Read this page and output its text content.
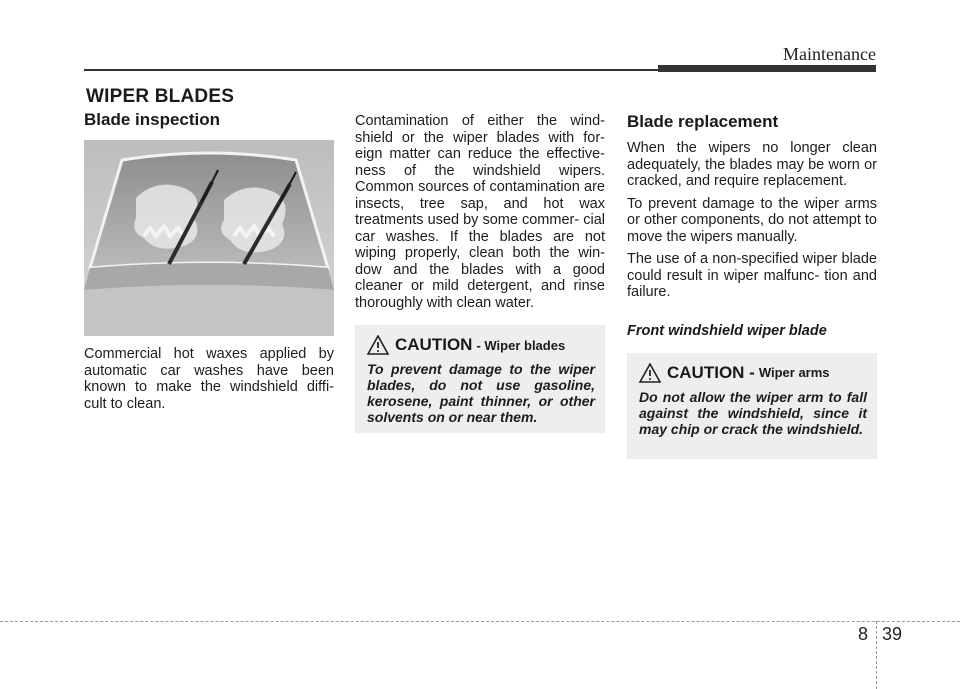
Maintenance
WIPER BLADES
Blade inspection

Commercial hot waxes applied by automatic car washes have been known to make the windshield diffi- cult to clean.

Contamination of either the wind- shield or the wiper blades with for- eign matter can reduce the effective- ness of the windshield wipers. Common sources of contamination are insects, tree sap, and hot wax treatments used by some commer- cial car washes. If the blades are not wiping properly, clean both the win- dow and the blades with a good cleaner or mild detergent, and rinse thoroughly with clean water.

CAUTION - Wiper blades

To prevent damage to the wiper blades, do not use gasoline, kerosene, paint thinner, or other solvents on or near them.

Blade replacement

When the wipers no longer clean adequately, the blades may be worn or cracked, and require replacement.

To prevent damage to the wiper arms or other components, do not attempt to move the wipers manually.

The use of a non-specified wiper blade could result in wiper malfunc- tion and failure.

Front windshield wiper blade

CAUTION - Wiper arms

Do not allow the wiper arm to fall against the windshield, since it may chip or crack the windshield.

8 39
